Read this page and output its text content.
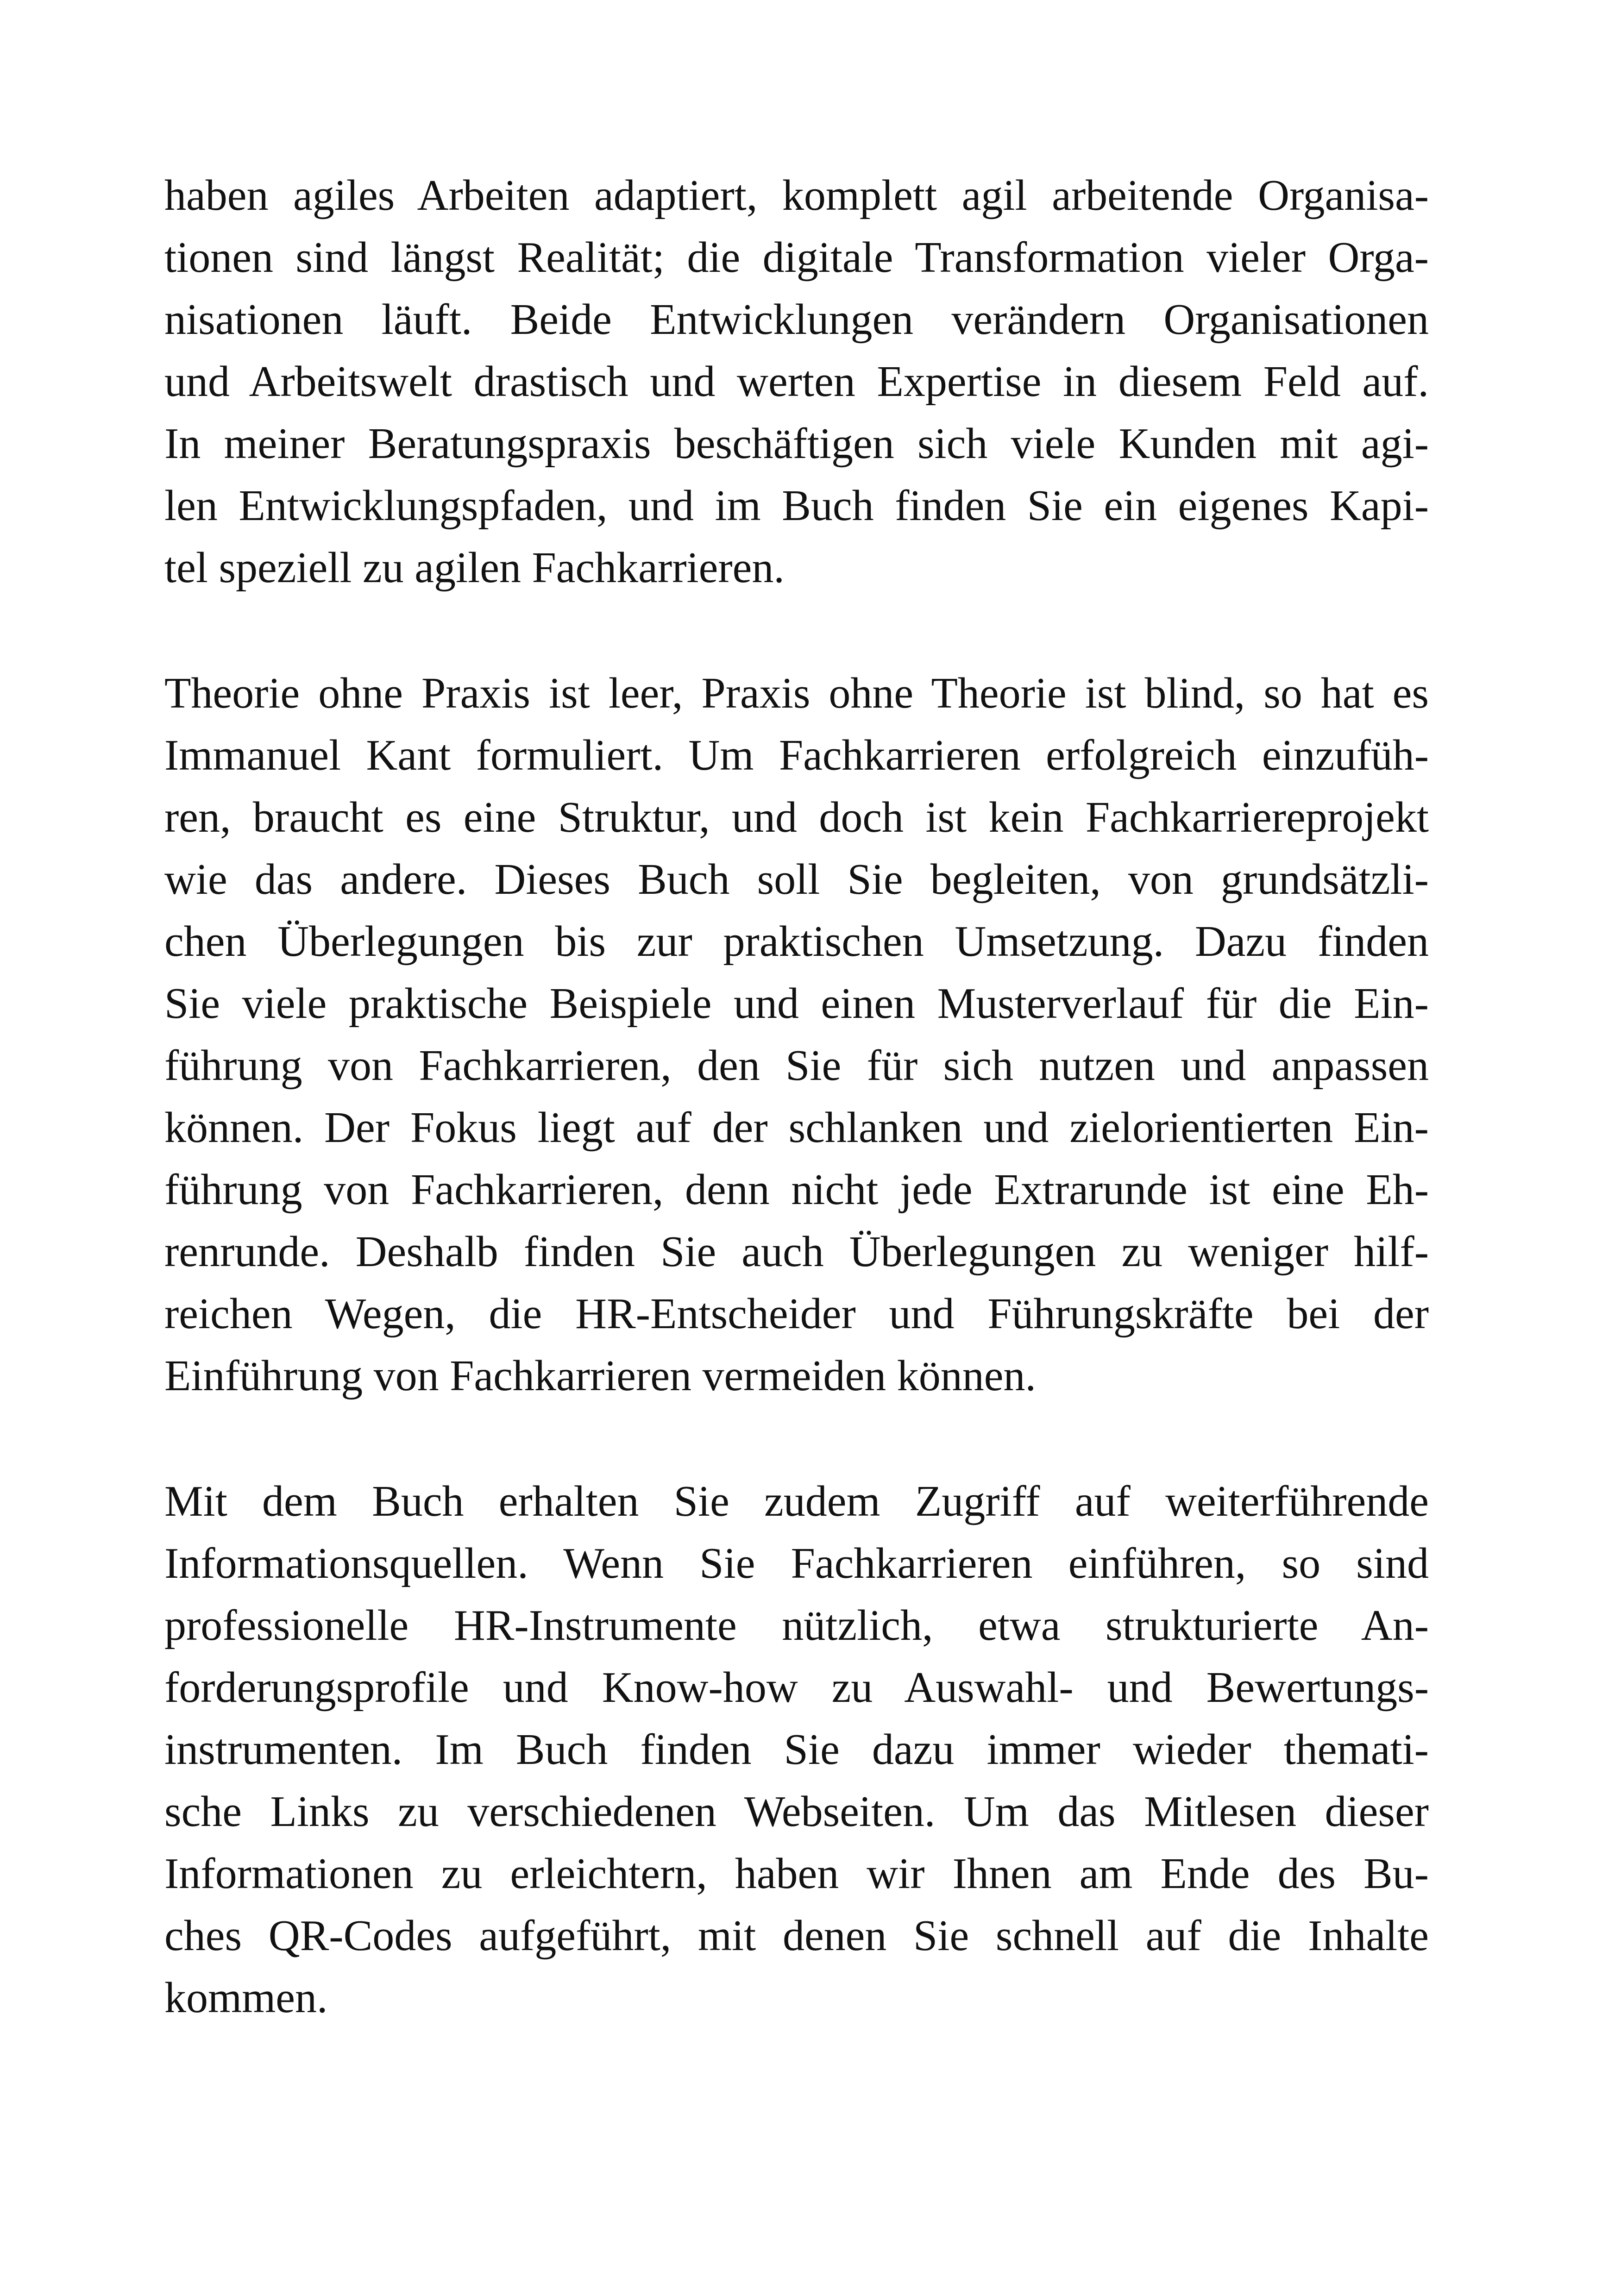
haben agiles Arbeiten adaptiert, komplett agil arbeitende Organisa-
tionen sind längst Realität; die digitale Transformation vieler Orga-
nisationen läuft. Beide Entwicklungen verändern Organisationen
und Arbeitswelt drastisch und werten Expertise in diesem Feld auf.
In meiner Beratungspraxis beschäftigen sich viele Kunden mit agi-
len Entwicklungspfaden, und im Buch finden Sie ein eigenes Kapi-
tel speziell zu agilen Fachkarrieren.
Theorie ohne Praxis ist leer, Praxis ohne Theorie ist blind, so hat es
Immanuel Kant formuliert. Um Fachkarrieren erfolgreich einzufüh-
ren, braucht es eine Struktur, und doch ist kein Fachkarriereprojekt
wie das andere. Dieses Buch soll Sie begleiten, von grundsätzli-
chen Überlegungen bis zur praktischen Umsetzung. Dazu finden
Sie viele praktische Beispiele und einen Musterverlauf für die Ein-
führung von Fachkarrieren, den Sie für sich nutzen und anpassen
können. Der Fokus liegt auf der schlanken und zielorientierten Ein-
führung von Fachkarrieren, denn nicht jede Extrarunde ist eine Eh-
renrunde. Deshalb finden Sie auch Überlegungen zu weniger hilf-
reichen Wegen, die HR-Entscheider und Führungskräfte bei der
Einführung von Fachkarrieren vermeiden können.
Mit dem Buch erhalten Sie zudem Zugriff auf weiterführende
Informationsquellen. Wenn Sie Fachkarrieren einführen, so sind
professionelle HR-Instrumente nützlich, etwa strukturierte An-
forderungsprofile und Know-how zu Auswahl- und Bewertungs-
instrumenten. Im Buch finden Sie dazu immer wieder themati-
sche Links zu verschiedenen Webseiten. Um das Mitlesen dieser
Informationen zu erleichtern, haben wir Ihnen am Ende des Bu-
ches QR-Codes aufgeführt, mit denen Sie schnell auf die Inhalte
kommen.
